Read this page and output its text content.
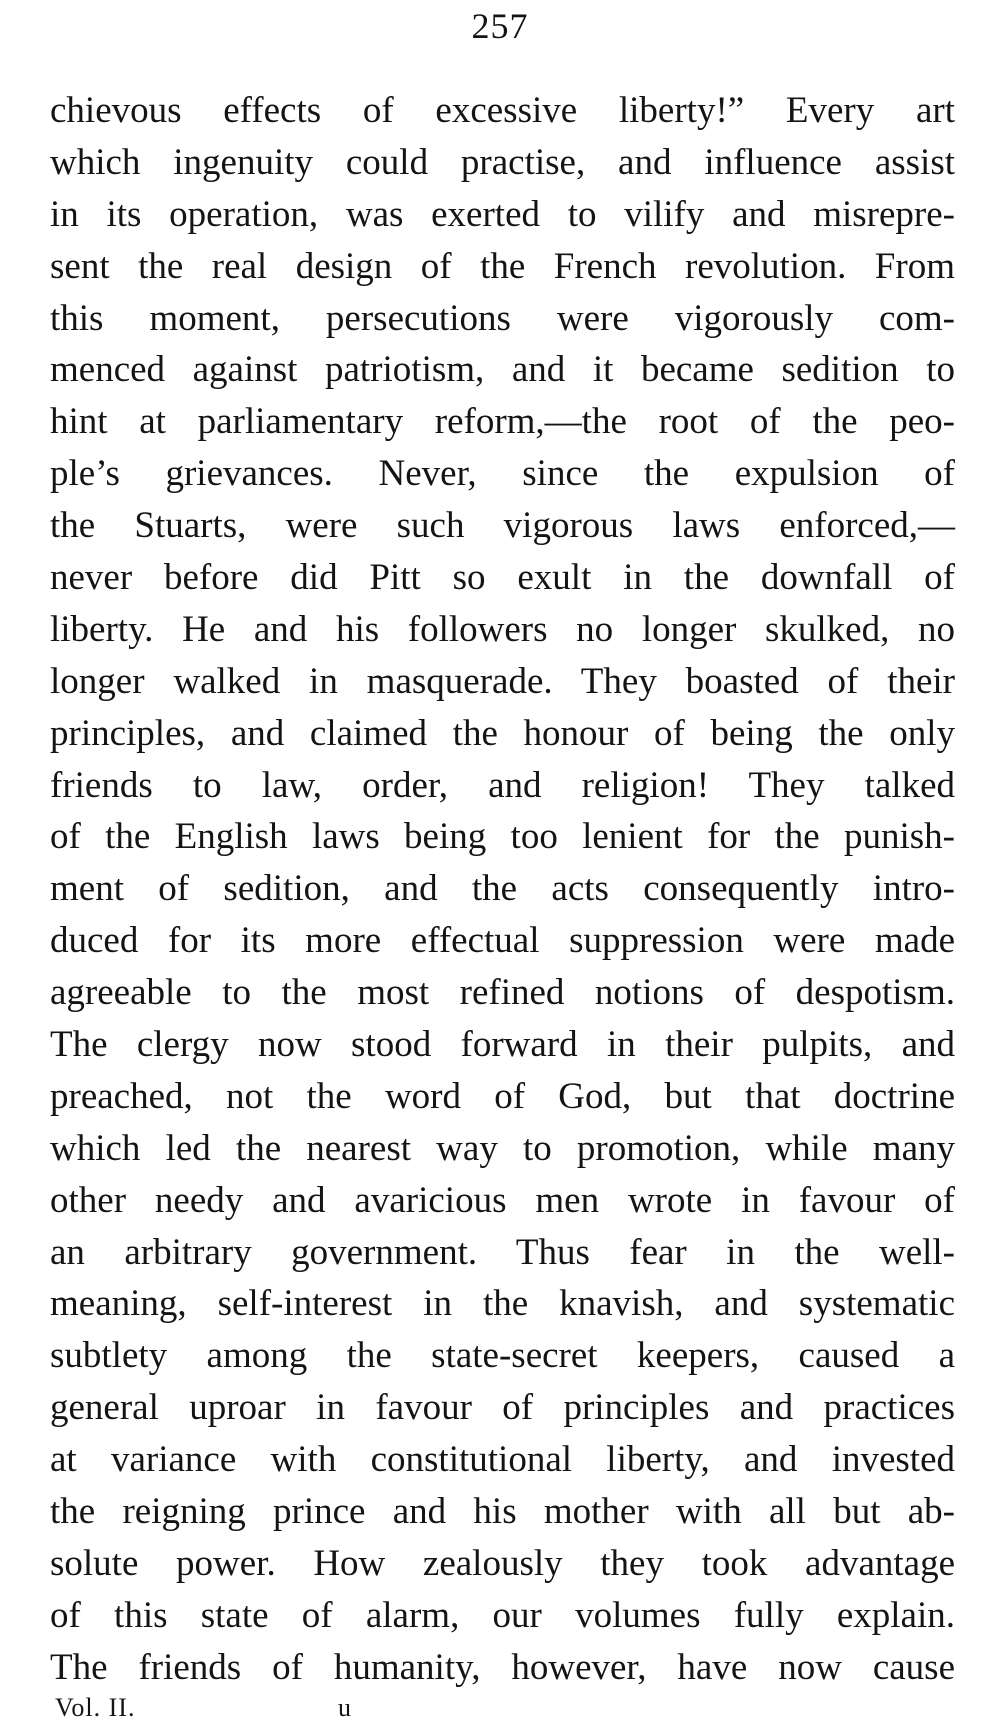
257
chievous effects of excessive liberty!” Every art
which ingenuity could practise, and influence assist
in its operation, was exerted to vilify and misrepre-
sent the real design of the French revolution. From
this moment, persecutions were vigorously com-
menced against patriotism, and it became sedition to
hint at parliamentary reform,—the root of the peo-
ple’s grievances. Never, since the expulsion of
the Stuarts, were such vigorous laws enforced,—
never before did Pitt so exult in the downfall of
liberty. He and his followers no longer skulked, no
longer walked in masquerade. They boasted of their
principles, and claimed the honour of being the only
friends to law, order, and religion! They talked
of the English laws being too lenient for the punish-
ment of sedition, and the acts consequently intro-
duced for its more effectual suppression were made
agreeable to the most refined notions of despotism.
The clergy now stood forward in their pulpits, and
preached, not the word of God, but that doctrine
which led the nearest way to promotion, while many
other needy and avaricious men wrote in favour of
an arbitrary government. Thus fear in the well-
meaning, self-interest in the knavish, and systematic
subtlety among the state-secret keepers, caused a
general uproar in favour of principles and practices
at variance with constitutional liberty, and invested
the reigning prince and his mother with all but ab-
solute power. How zealously they took advantage
of this state of alarm, our volumes fully explain.
The friends of humanity, however, have now cause
Vol. II.                           u
